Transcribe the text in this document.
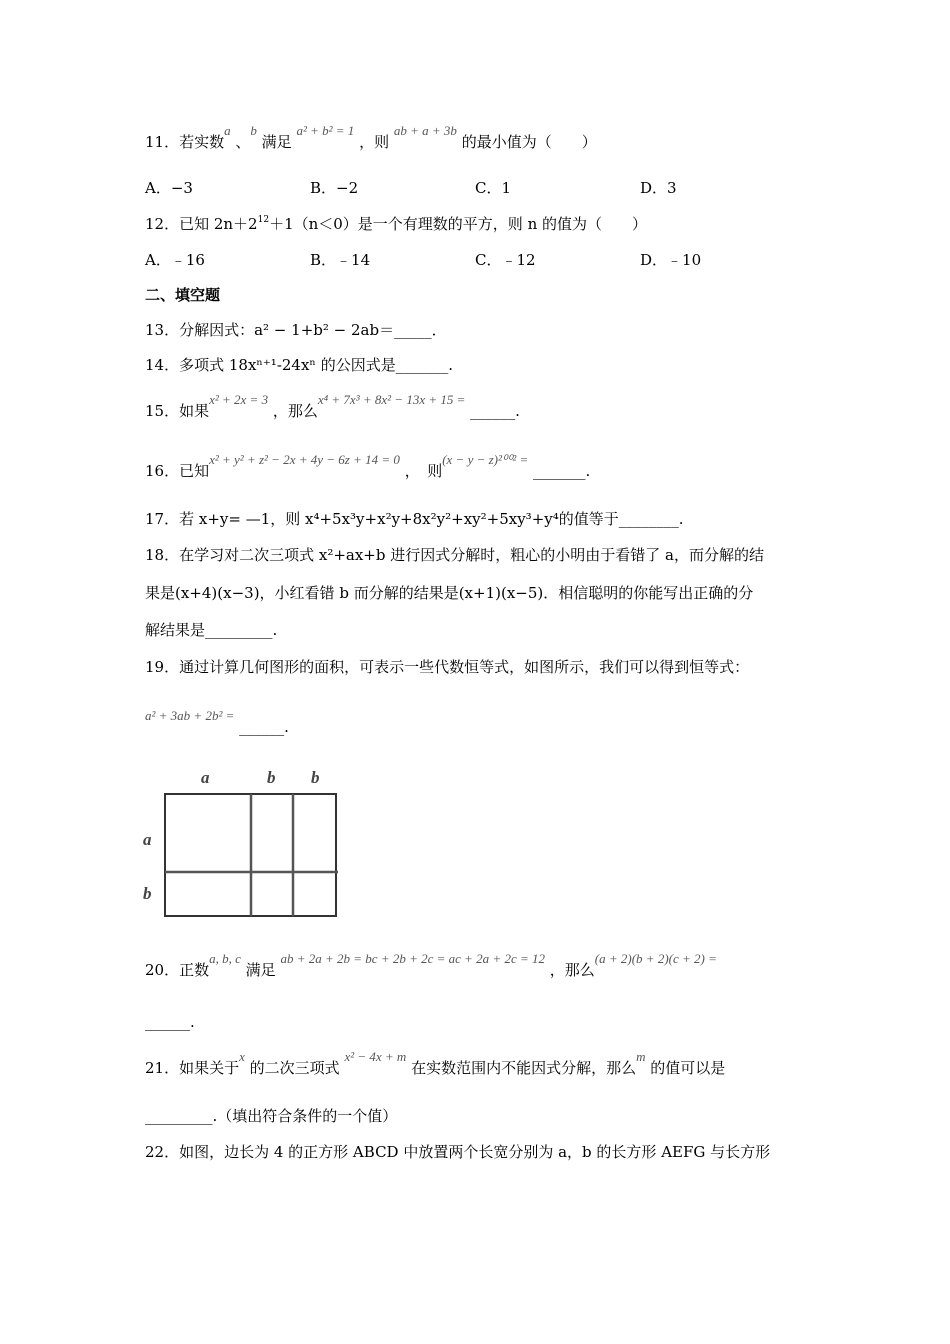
11．若实数a 、b 满足 a² + b² = 1 ，则 ab + a + 3b 的最小值为（　　）
A．−3	B．−2	C．1	D．3
12．已知 $2n+2^{12}+1(n<0)$是一个有理数的平方，则 n 的值为（　　）
A．﹣16	B．﹣14	C．﹣12	D．﹣10
二、填空题
13．分解因式：a² − 1+b² − 2ab＝_____．
14．多项式 18xⁿ⁺¹-24xⁿ 的公因式是_______.
15．如果x² + 2x = 3 ，那么x⁴ + 7x³ + 8x² − 13x + 15 = ______.
16．已知x² + y² + z² − 2x + 4y − 6z + 14 = 0 ，　则(x − y − z)²⁰⁰² = _______.
17．若 x+y= —1，则 x⁴+5x³y+x²y+8x²y²+xy²+5xy³+y⁴的值等于________.
18．在学习对二次三项式 x²+ax+b 进行因式分解时，粗心的小明由于看错了 a，而分解的结
果是(x+4)(x−3)，小红看错 b 而分解的结果是(x+1)(x−5)．相信聪明的你能写出正确的分
解结果是_________.
19．通过计算几何图形的面积，可表示一些代数恒等式，如图所示，我们可以得到恒等式：
a² + 3ab + 2b² = ______.
a	b b
a
b
20．正数a, b, c 满足 ab + 2a + 2b = bc + 2b + 2c = ac + 2a + 2c = 12 ，那么(a + 2)(b + 2)(c + 2) =
______.
21．如果关于x 的二次三项式 x² − 4x + m 在实数范围内不能因式分解，那么m 的值可以是
_________.（填出符合条件的一个值）
22．如图，边长为 4 的正方形 ABCD 中放置两个长宽分别为 a，b 的长方形 AEFG 与长方形
